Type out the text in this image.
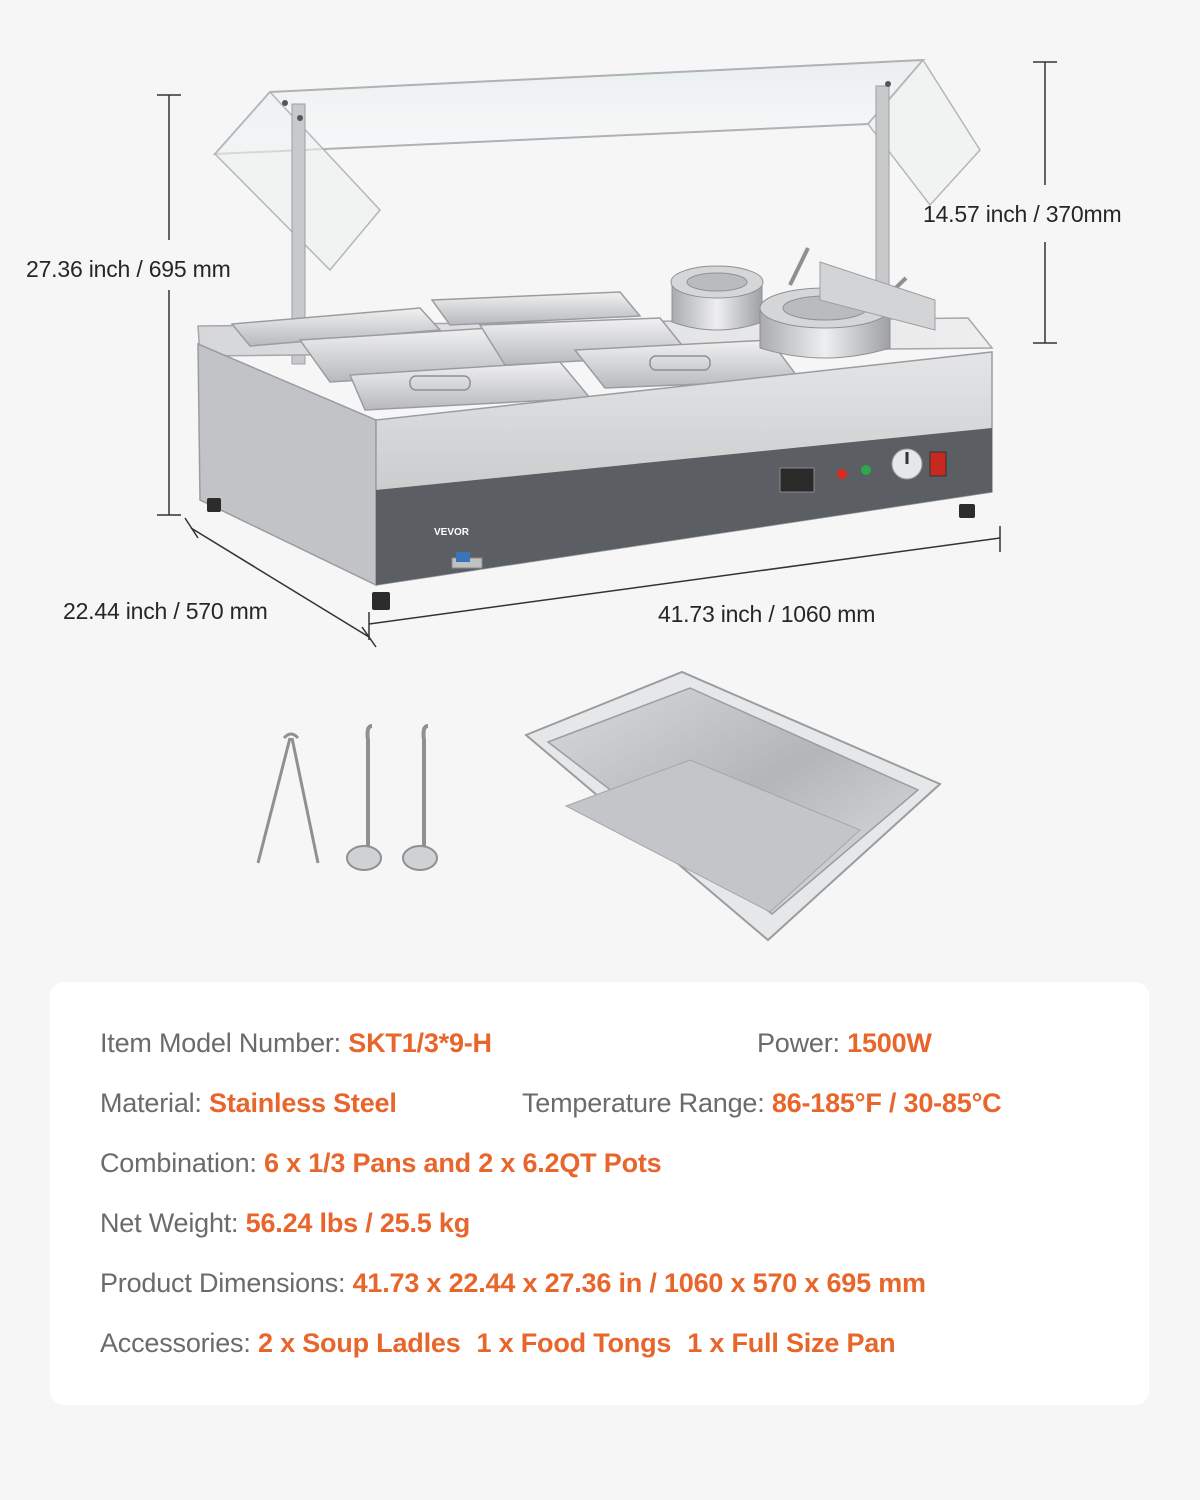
VEVOR
27.36 inch / 695 mm
14.57 inch / 370mm
22.44 inch / 570 mm	41.73 inch / 1060 mm
Item Model Number: SKT1/3*9-H	Power: 1500W
Material: Stainless Steel	Temperature Range: 86-185°F / 30-85°C
Combination: 6 x 1/3 Pans and 2 x 6.2QT Pots
Net Weight: 56.24 lbs / 25.5 kg
Product Dimensions: 41.73 x 22.44 x 27.36 in / 1060 x 570 x 695 mm
Accessories: 2 x Soup Ladles 1 x Food Tongs 1 x Full Size Pan
